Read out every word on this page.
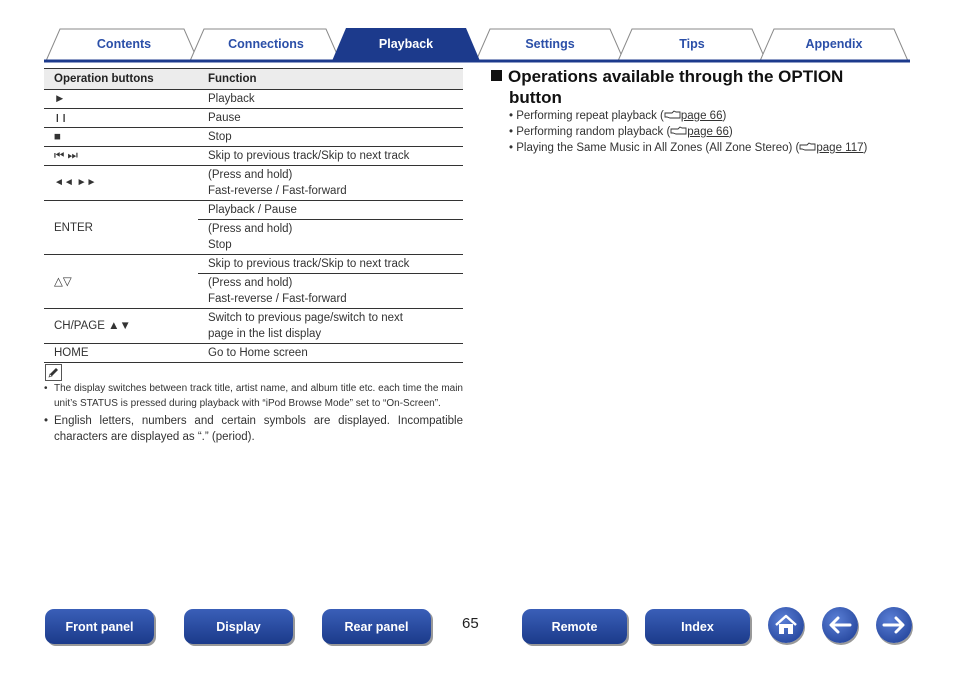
Contents	Connections	Playback	Settings	Tips	Appendix
Operation buttons	Function
►	Playback
❙❙	Pause
■	Stop
⏮ ⏭	Skip to previous track/Skip to next track
◄◄ ►►	(Press and hold)
Fast-reverse / Fast-forward

ENTER	Playback / Pause

	(Press and hold)
Stop

△▽	Skip to previous track/Skip to next track

	(Press and hold)
Fast-reverse / Fast-forward

CH/PAGE ▲▼	Switch to previous page/switch to next
page in the list display

HOME	Go to Home screen
• The display switches between track title, artist name, and album title etc. each time the main unit’s STATUS is pressed during playback with “iPod Browse Mode” set to “On-Screen”.
• English letters, numbers and certain symbols are displayed. Incompatible characters are displayed as “.” (period).
Operations available through the OPTION
button
• Performing repeat playback ( page 66)
• Performing random playback ( page 66)
• Playing the Same Music in All Zones (All Zone Stereo) ( page 117)
Front panel	Display	Rear panel	65	Remote	Index
